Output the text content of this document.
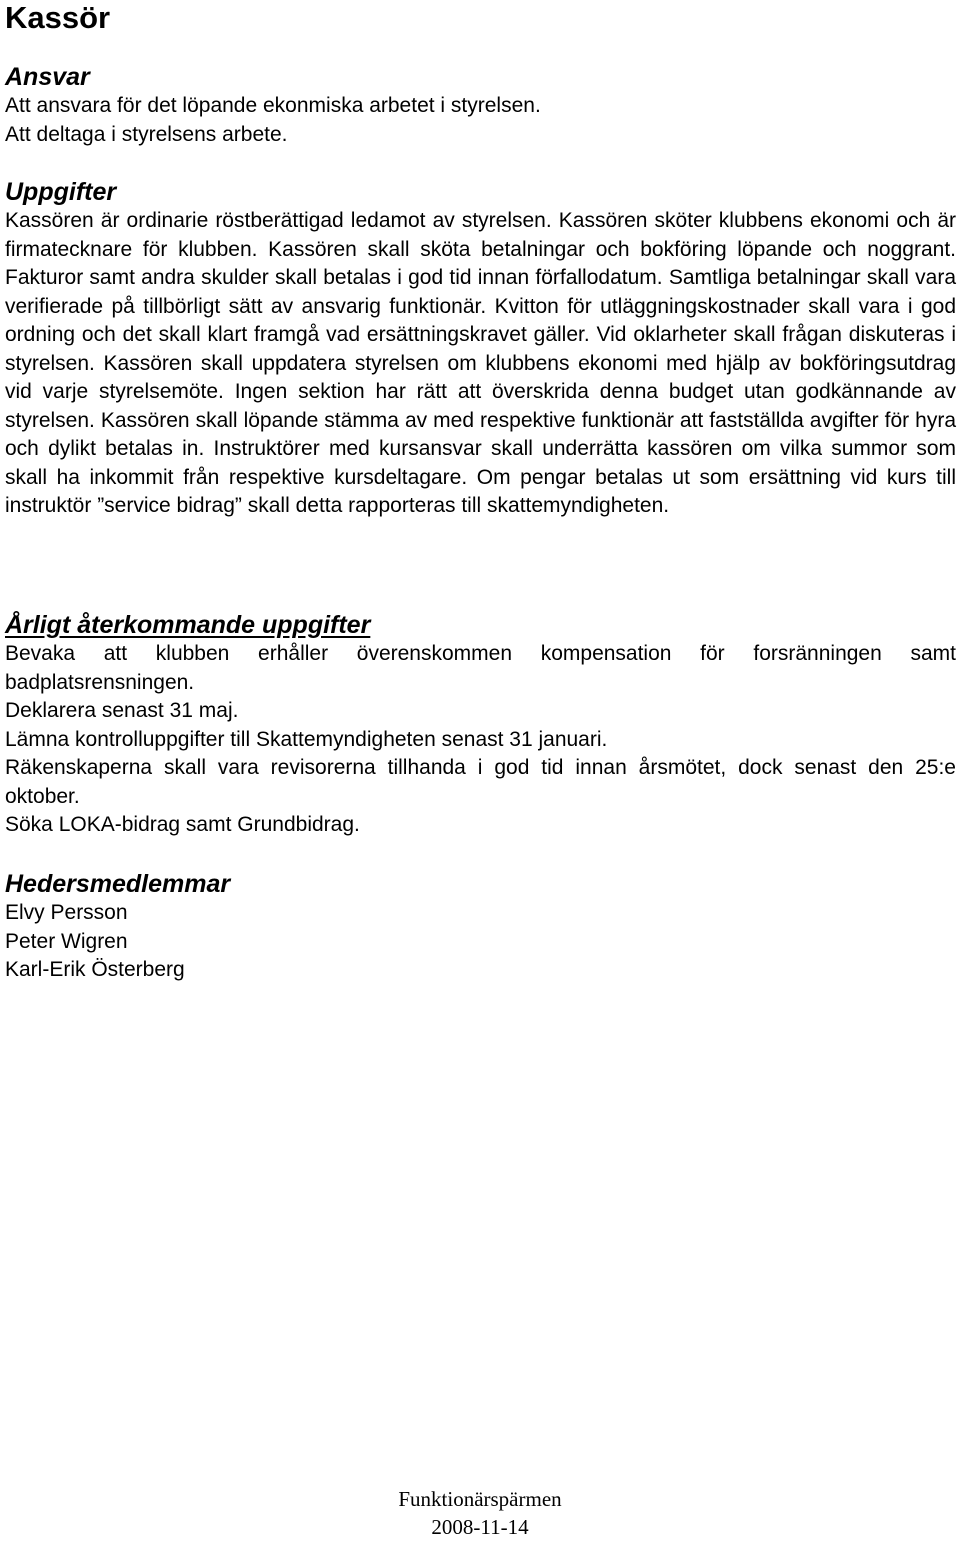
Kassör
Ansvar

Att ansvara för det löpande ekonmiska arbetet i styrelsen.

Att deltaga i styrelsens arbete.

Uppgifter

Kassören är ordinarie röstberättigad ledamot av styrelsen. Kassören sköter klubbens ekonomi och är firmatecknare för klubben. Kassören skall sköta betalningar och bokföring löpande och noggrant. Fakturor samt andra skulder skall betalas i god tid innan förfallodatum. Samtliga betalningar skall vara verifierade på tillbörligt sätt av ansvarig funktionär. Kvitton för utläggningskostnader skall vara i god ordning och det skall klart framgå vad ersättningskravet gäller. Vid oklarheter skall frågan diskuteras i styrelsen. Kassören skall uppdatera styrelsen om klubbens ekonomi med hjälp av bokföringsutdrag vid varje styrelsemöte. Ingen sektion har rätt att överskrida denna budget utan godkännande av styrelsen. Kassören skall löpande stämma av med respektive funktionär att fastställda avgifter för hyra och dylikt betalas in. Instruktörer med kursansvar skall underrätta kassören om vilka summor som skall ha inkommit från respektive kursdeltagare. Om pengar betalas ut som ersättning vid kurs till instruktör ”service bidrag” skall detta rapporteras till skattemyndigheten.

Årligt återkommande uppgifter

Bevaka att klubben erhåller överenskommen kompensation för forsränningen samt badplatsrensningen.

Deklarera senast 31 maj.

Lämna kontrolluppgifter till Skattemyndigheten senast 31 januari.

Räkenskaperna skall vara revisorerna tillhanda i god tid innan årsmötet, dock senast den 25:e oktober.

Söka LOKA-bidrag samt Grundbidrag.

Hedersmedlemmar

Elvy Persson

Peter Wigren

Karl-Erik Österberg

Funktionärspärmen
2008-11-14
